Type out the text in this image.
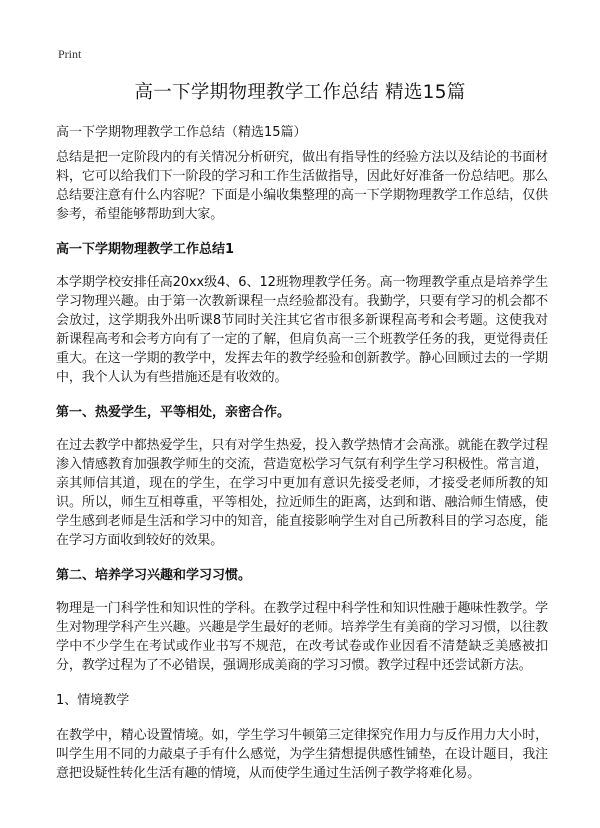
Print
高一下学期物理教学工作总结 精选15篇
高一下学期物理教学工作总结（精选15篇）

总结是把一定阶段内的有关情况分析研究，做出有指导性的经验方法以及结论的书面材料，它可以给我们下一阶段的学习和工作生活做指导，因此好好准备一份总结吧。那么总结要注意有什么内容呢？下面是小编收集整理的高一下学期物理教学工作总结，仅供参考，希望能够帮助到大家。

高一下学期物理教学工作总结1

本学期学校安排任高20xx级4、6、12班物理教学任务。高一物理教学重点是培养学生学习物理兴趣。由于第一次教新课程一点经验都没有。我勤学，只要有学习的机会都不会放过，这学期我外出听课8节同时关注其它省市很多新课程高考和会考题。这使我对新课程高考和会考方向有了一定的了解，但肩负高一三个班教学任务的我，更觉得责任重大。在这一学期的教学中，发挥去年的教学经验和创新教学。静心回顾过去的一学期中，我个人认为有些措施还是有收效的。

第一、热爱学生，平等相处，亲密合作。

在过去教学中都热爱学生，只有对学生热爱，投入教学热情才会高涨。就能在教学过程渗入情感教育加强教学师生的交流，营造宽松学习气氛有利学生学习积极性。常言道，亲其师信其道，现在的学生，在学习中更加有意识先接受老师，才接受老师所教的知识。所以，师生互相尊重，平等相处，拉近师生的距离，达到和谐、融洽师生情感，使学生感到老师是生活和学习中的知音，能直接影响学生对自己所教科目的学习态度，能在学习方面收到较好的效果。

第二、培养学习兴趣和学习习惯。

物理是一门科学性和知识性的学科。在教学过程中科学性和知识性融于趣味性教学。学生对物理学科产生兴趣。兴趣是学生最好的老师。培养学生有美商的学习习惯，以往教学中不少学生在考试或作业书写不规范，在改考试卷或作业因看不清楚缺乏美感被扣分，教学过程为了不必错误，强调形成美商的学习习惯。教学过程中还尝试新方法。

1、情境教学

在教学中，精心设置情境。如，学生学习牛顿第三定律探究作用力与反作用力大小时，叫学生用不同的力敲桌子手有什么感觉，为学生猜想提供感性铺垫，在设计题目，我注意把设疑性转化生活有趣的情境，从而使学生通过生活例子教学将难化易。
